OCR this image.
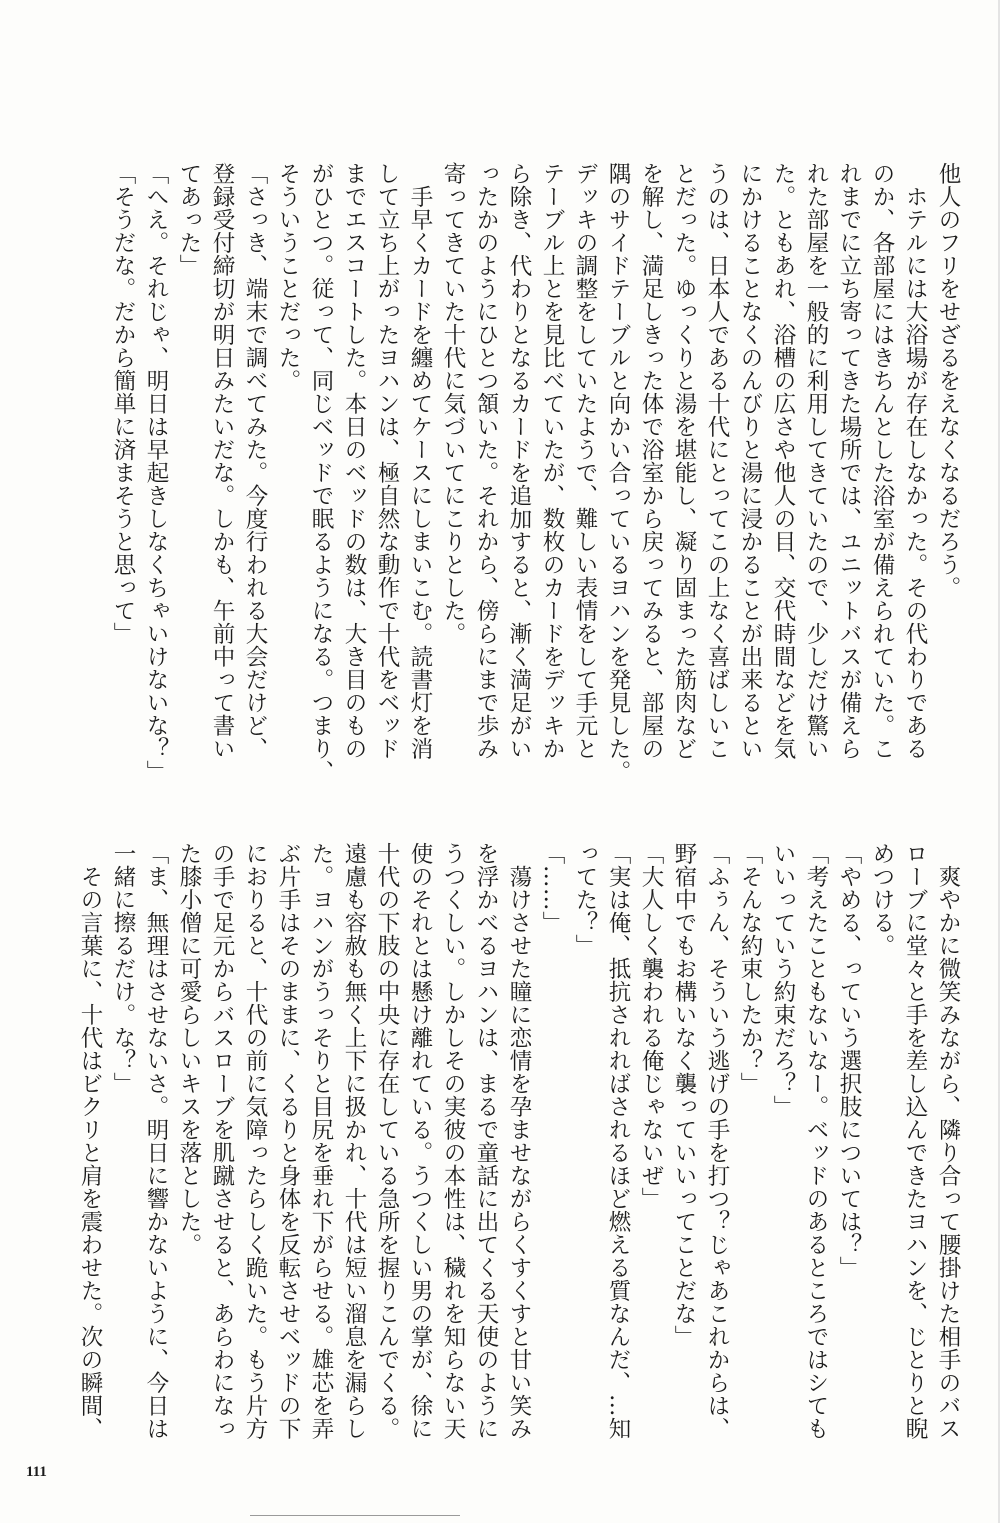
他人のフリをせざるをえなくなるだろう。
ホテルには大浴場が存在しなかった。その代わりである
のか、各部屋にはきちんとした浴室が備えられていた。こ
れまでに立ち寄ってきた場所では、ユニットバスが備えら
れた部屋を一般的に利用してきていたので、少しだけ驚い
た。ともあれ、浴槽の広さや他人の目、交代時間などを気
にかけることなくのんびりと湯に浸かることが出来るとい
うのは、日本人である十代にとってこの上なく喜ばしいこ
とだった。ゆっくりと湯を堪能し、凝り固まった筋肉など
を解し、満足しきった体で浴室から戻ってみると、部屋の
隅のサイドテーブルと向かい合っているヨハンを発見した。
デッキの調整をしていたようで、難しい表情をして手元と
テーブル上とを見比べていたが、数枚のカードをデッキか
ら除き、代わりとなるカードを追加すると、漸く満足がい
ったかのようにひとつ頷いた。それから、傍らにまで歩み
寄ってきていた十代に気づいてにこりとした。
手早くカードを纏めてケースにしまいこむ。読書灯を消
して立ち上がったヨハンは、極自然な動作で十代をベッド
までエスコートした。本日のベッドの数は、大き目のもの
がひとつ。従って、同じベッドで眠るようになる。つまり、
そういうことだった。
「さっき、端末で調べてみた。今度行われる大会だけど、
登録受付締切が明日みたいだな。しかも、午前中って書い
てあった」
「へえ。それじゃ、明日は早起きしなくちゃいけないな？」
「そうだな。だから簡単に済まそうと思って」
爽やかに微笑みながら、隣り合って腰掛けた相手のバス
ローブに堂々と手を差し込んできたヨハンを、じとりと睨
めつける。
「やめる、っていう選択肢については？」
「考えたこともないなー。ベッドのあるところではシても
いいっていう約束だろ？」
「そんな約束したか？」
「ふぅん、そういう逃げの手を打つ？じゃあこれからは、
野宿中でもお構いなく襲っていいってことだな」
「大人しく襲われる俺じゃないぜ」
「実は俺、抵抗されればされるほど燃える質なんだ、…知
ってた？」
「……」
蕩けさせた瞳に恋情を孕ませながらくすくすと甘い笑み
を浮かべるヨハンは、まるで童話に出てくる天使のように
うつくしい。しかしその実彼の本性は、穢れを知らない天
使のそれとは懸け離れている。うつくしい男の掌が、徐に
十代の下肢の中央に存在している急所を握りこんでくる。
遠慮も容赦も無く上下に扱かれ、十代は短い溜息を漏らし
た。ヨハンがうっそりと目尻を垂れ下がらせる。雄芯を弄
ぶ片手はそのままに、くるりと身体を反転させベッドの下
におりると、十代の前に気障ったらしく跪いた。もう片方
の手で足元からバスローブを肌蹴させると、あらわになっ
た膝小僧に可愛らしいキスを落とした。
「ま、無理はさせないさ。明日に響かないように、今日は
一緒に擦るだけ。な？」
その言葉に、十代はビクリと肩を震わせた。次の瞬間、
111
